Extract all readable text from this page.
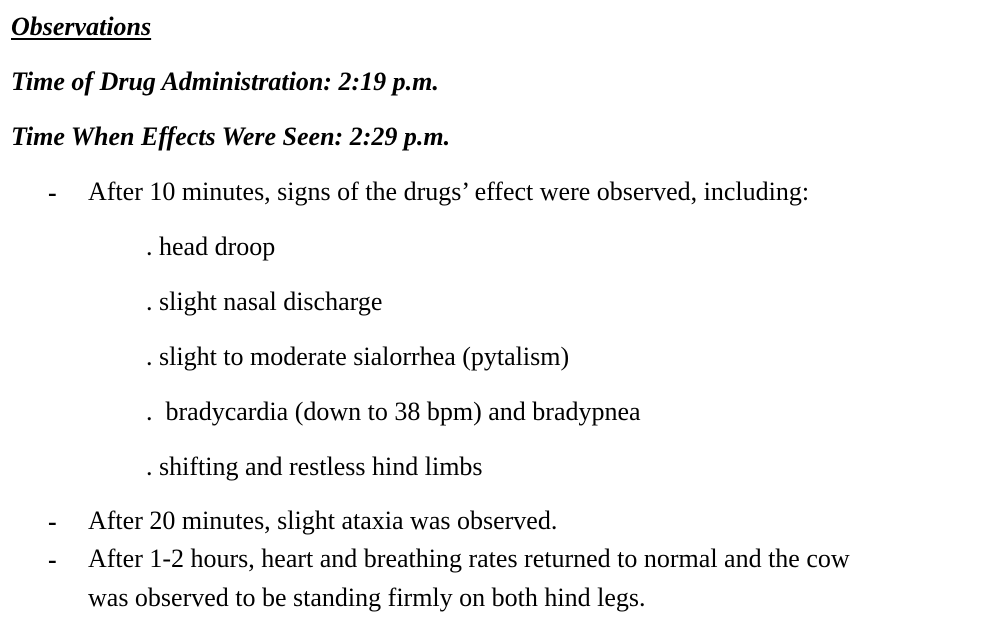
Observations
Time of Drug Administration: 2:19 p.m.
Time When Effects Were Seen: 2:29 p.m.
- After 10 minutes, signs of the drugs’ effect were observed, including:
. head droop
. slight nasal discharge
. slight to moderate sialorrhea (pytalism)
.  bradycardia (down to 38 bpm) and bradypnea
. shifting and restless hind limbs
- After 20 minutes, slight ataxia was observed.
- After 1-2 hours, heart and breathing rates returned to normal and the cow
was observed to be standing firmly on both hind legs.
